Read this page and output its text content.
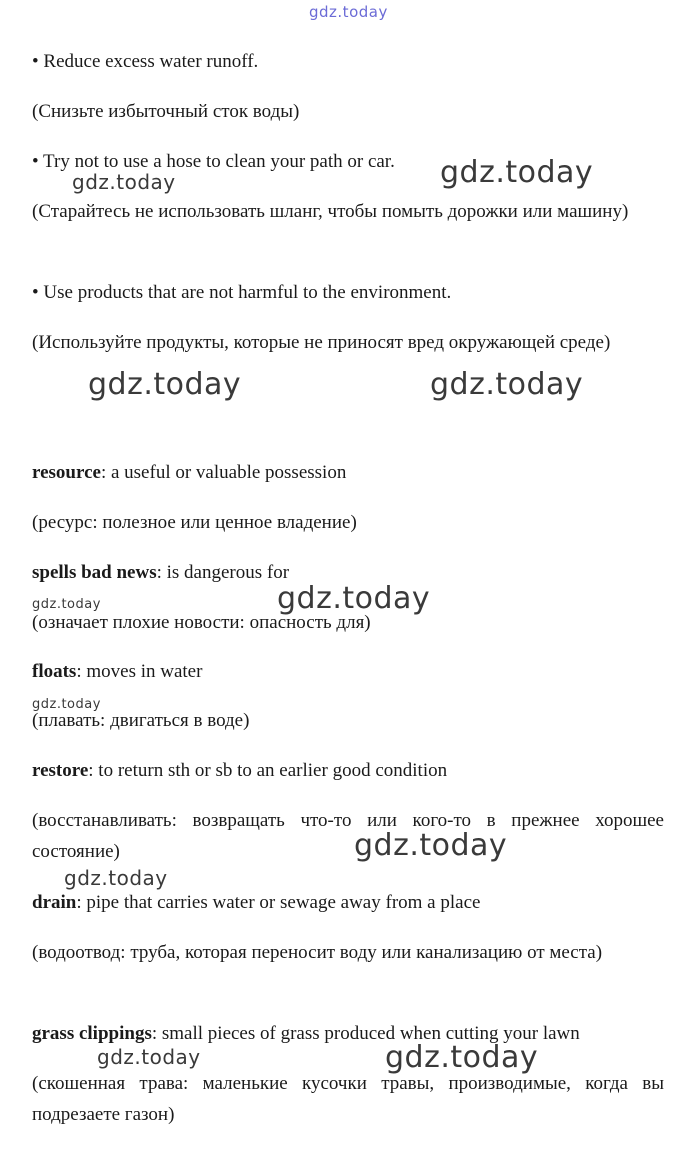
gdz.today
• Reduce excess water runoff.
(Снизьте избыточный сток воды)
• Try not to use a hose to clean your path or car.
(Старайтесь не использовать шланг, чтобы помыть дорожки или машину)
• Use products that are not harmful to the environment.
(Используйте продукты, которые не приносят вред окружающей среде)
resource: a useful or valuable possession
(ресурс: полезное или ценное владение)
spells bad news: is dangerous for
(означает плохие новости: опасность для)
floats: moves in water
(плавать: двигаться в воде)
restore: to return sth or sb to an earlier good condition
(восстанавливать: возвращать что-то или кого-то в прежнее хорошее состояние)
drain: pipe that carries water or sewage away from a place
(водоотвод: труба, которая переносит воду или канализацию от места)
grass clippings: small pieces of grass produced when cutting your lawn
(скошенная трава: маленькие кусочки травы, производимые, когда вы подрезаете газон)
gdz.today
gdz.today
gdz.today	gdz.today
gdz.today
gdz.today
gdz.today
gdz.today
gdz.today
gdz.today
gdz.today
